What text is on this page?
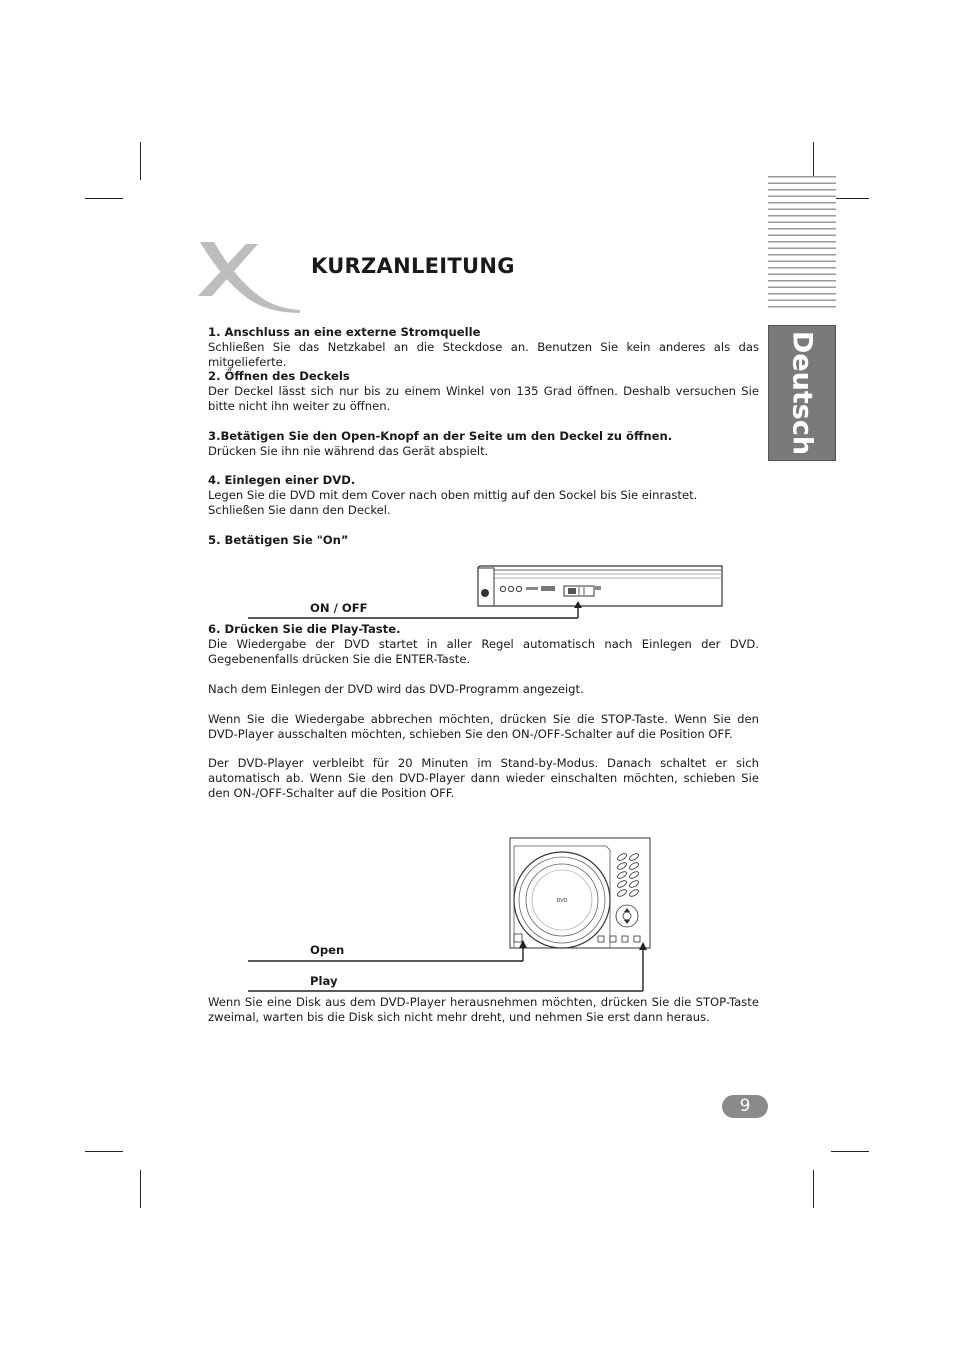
Deutsch
KURZANLEITUNG
1. Anschluss an eine externe Stromquelle
Schließen Sie das Netzkabel an die Steckdose an. Benutzen Sie kein anderes als das mitgelieferte.
2. Öffnen des Deckels
Der Deckel lässt sich nur bis zu einem Winkel von 135 Grad öffnen. Deshalb versuchen Sie bitte nicht ihn weiter zu öffnen.
3.Betätigen Sie den Open-Knopf an der Seite um den Deckel zu öffnen.
Drücken Sie ihn nie während das Gerät abspielt.
4. Einlegen einer DVD.
Legen Sie die DVD mit dem Cover nach oben mittig auf den Sockel bis Sie einrastet.
Schließen Sie dann den Deckel.
5. Betätigen Sie "On”
ON / OFF
6. Drücken Sie die Play-Taste.
Die Wiedergabe der DVD startet in aller Regel automatisch nach Einlegen der DVD. Gegebenenfalls drücken Sie die ENTER-Taste.
Nach dem Einlegen der DVD wird das DVD-Programm angezeigt.
Wenn Sie die Wiedergabe abbrechen möchten, drücken Sie die STOP-Taste. Wenn Sie den DVD-Player ausschalten möchten, schieben Sie den ON-/OFF-Schalter auf die Position OFF.
Der DVD-Player verbleibt für 20 Minuten im Stand-by-Modus. Danach schaltet er sich automatisch ab. Wenn Sie den DVD-Player dann wieder einschalten möchten, schieben Sie den ON-/OFF-Schalter auf die Position OFF.
DVD
Open
Play
Wenn Sie eine Disk aus dem DVD-Player herausnehmen möchten, drücken Sie die STOP-Taste zweimal, warten bis die Disk sich nicht mehr dreht, und nehmen Sie erst dann heraus.
9
